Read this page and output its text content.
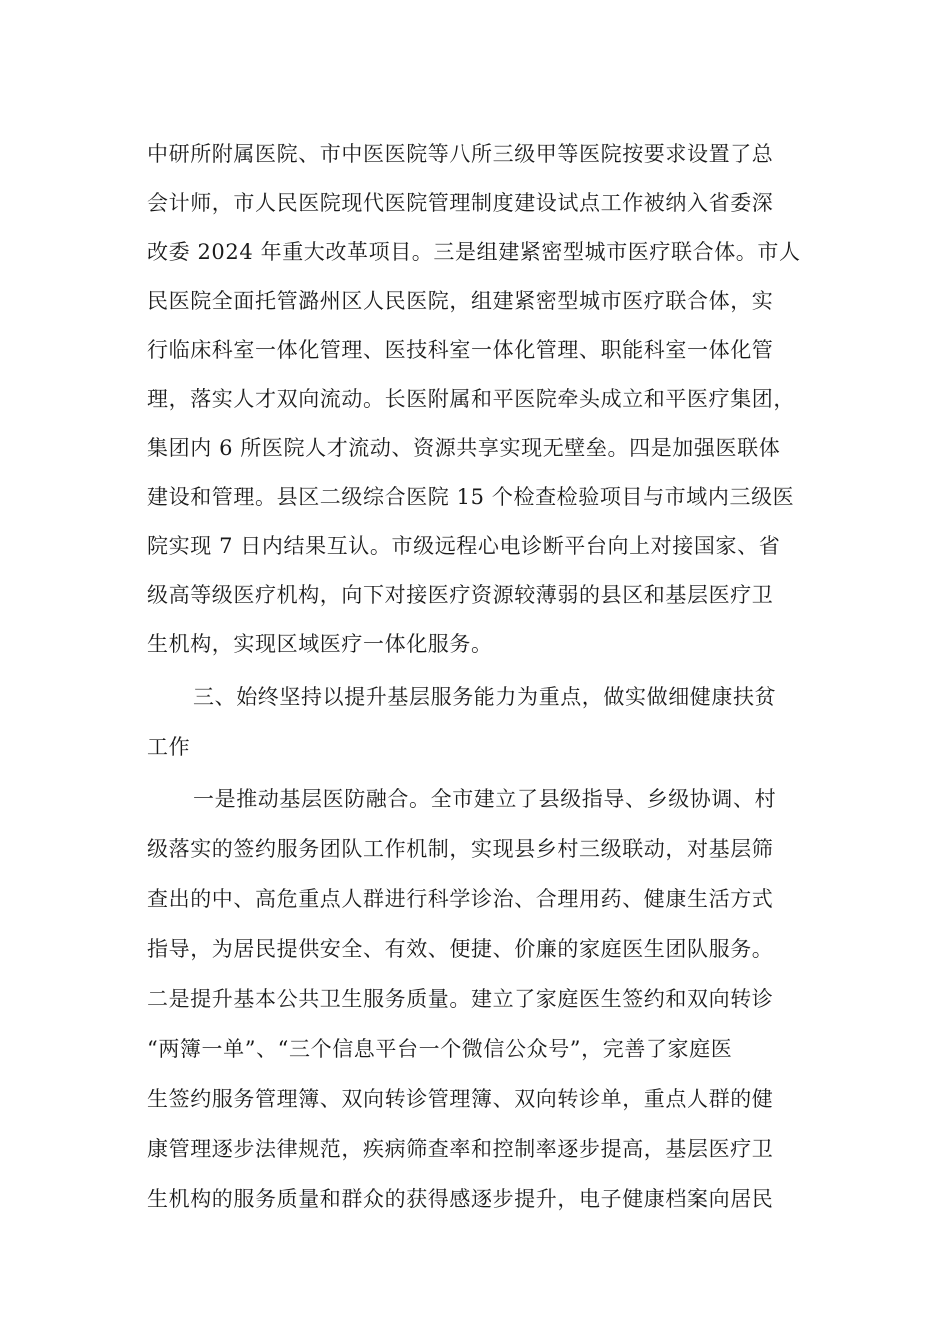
中研所附属医院、市中医医院等八所三级甲等医院按要求设置了总

会计师，市人民医院现代医院管理制度建设试点工作被纳入省委深

改委 2024 年重大改革项目。三是组建紧密型城市医疗联合体。市人

民医院全面托管潞州区人民医院，组建紧密型城市医疗联合体，实

行临床科室一体化管理、医技科室一体化管理、职能科室一体化管

理，落实人才双向流动。长医附属和平医院牵头成立和平医疗集团，

集团内 6 所医院人才流动、资源共享实现无壁垒。四是加强医联体

建设和管理。县区二级综合医院 15 个检查检验项目与市域内三级医

院实现 7 日内结果互认。市级远程心电诊断平台向上对接国家、省

级高等级医疗机构，向下对接医疗资源较薄弱的县区和基层医疗卫

生机构，实现区域医疗一体化服务。

三、始终坚持以提升基层服务能力为重点，做实做细健康扶贫

工作

一是推动基层医防融合。全市建立了县级指导、乡级协调、村

级落实的签约服务团队工作机制，实现县乡村三级联动，对基层筛

查出的中、高危重点人群进行科学诊治、合理用药、健康生活方式

指导，为居民提供安全、有效、便捷、价廉的家庭医生团队服务。

二是提升基本公共卫生服务质量。建立了家庭医生签约和双向转诊

“两簿一单”、“三个信息平台一个微信公众号”，完善了家庭医

生签约服务管理簿、双向转诊管理簿、双向转诊单，重点人群的健

康管理逐步法律规范，疾病筛查率和控制率逐步提高，基层医疗卫

生机构的服务质量和群众的获得感逐步提升，电子健康档案向居民
